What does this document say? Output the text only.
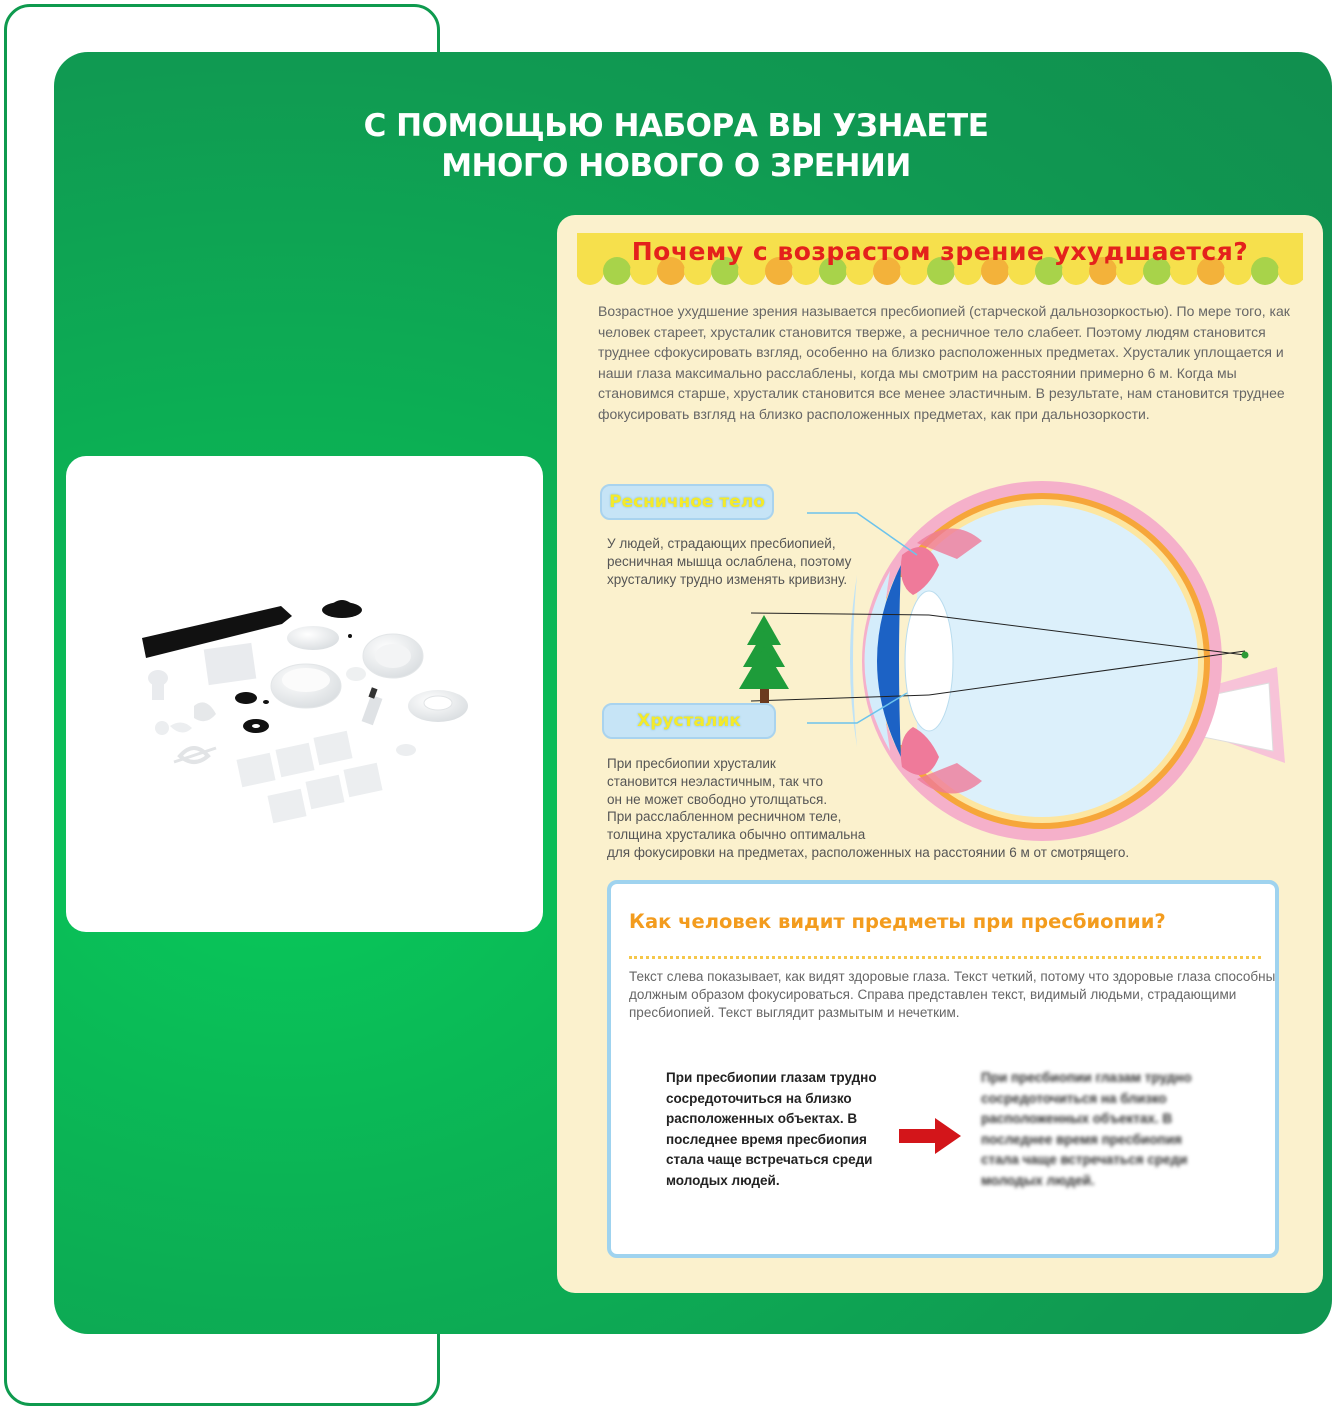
С ПОМОЩЬЮ НАБОРА ВЫ УЗНАЕТЕ
МНОГО НОВОГО О ЗРЕНИИ
Почему с возрастом зрение ухудшается?
Возрастное ухудшение зрения называется пресбиопией (старческой дальнозоркостью). По мере того, как человек стареет, хрусталик становится тверже, а ресничное тело слабеет. Поэтому людям становится труднее сфокусировать взгляд, особенно на близко расположенных предметах. Хрусталик уплощается и наши глаза максимально расслаблены, когда мы смотрим на расстоянии примерно 6 м. Когда мы становимся старше, хрусталик становится все менее эластичным. В результате, нам становится труднее фокусировать взгляд на близко расположенных предметах, как при дальнозоркости.
Ресничное тело
У людей, страдающих пресбиопией, ресничная мышца ослаблена, поэтому хрусталику трудно изменять кривизну.
Хрусталик
При пресбиопии хрусталик
становится неэластичным, так что
он не может свободно утолщаться.
При расслабленном ресничном теле,
толщина хрусталика обычно оптимальна
для фокусировки на предметах, расположенных на расстоянии 6 м от смотрящего.
Как человек видит предметы при пресбиопии?
Текст слева показывает, как видят здоровые глаза. Текст четкий, потому что здоровые глаза способны должным образом фокусироваться. Справа представлен текст, видимый людьми, страдающими пресбиопией. Текст выглядит размытым и нечетким.
При пресбиопии глазам трудно сосредоточиться на близко расположенных объектах. В последнее время пресбиопия стала чаще встречаться среди молодых людей.
При пресбиопии глазам трудно сосредоточиться на близко расположенных объектах. В последнее время пресбиопия стала чаще встречаться среди молодых людей.
